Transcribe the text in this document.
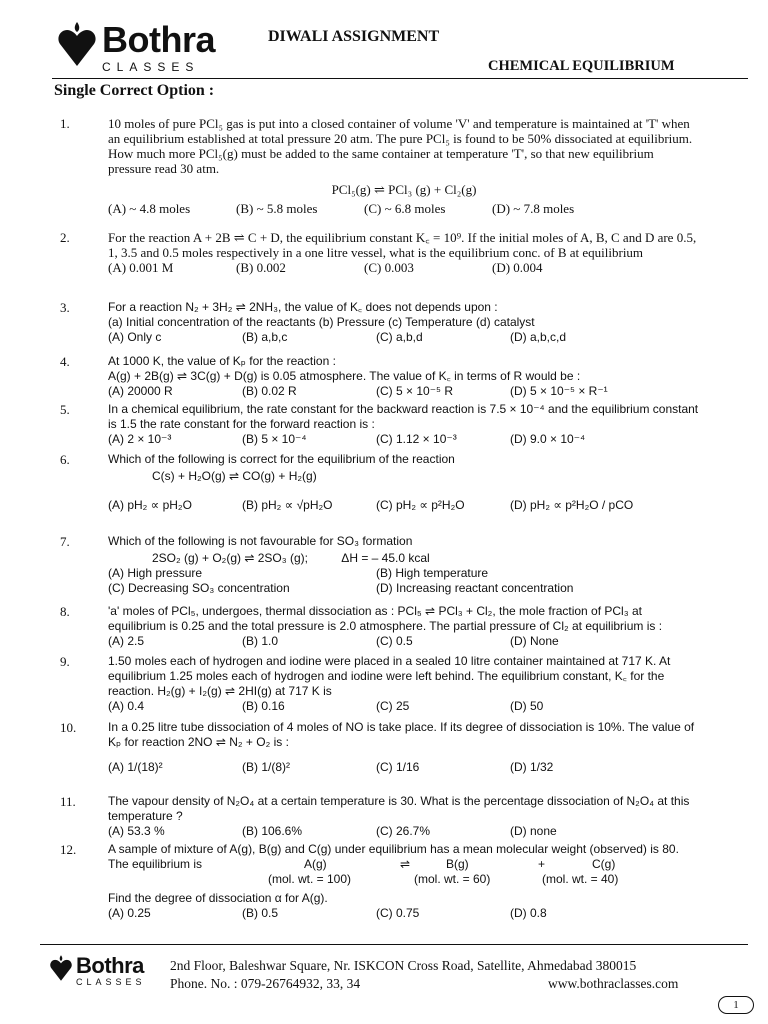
Bothra
CLASSES
DIWALI ASSIGNMENT
CHEMICAL EQUILIBRIUM
Single Correct Option :
1.	10 moles of pure PCl₅ gas is put into a closed container of volume 'V' and temperature is maintained at 'T' when an equilibrium established at total pressure 20 atm. The pure PCl₅ is found to be 50% dissociated at equilibrium. How much more PCl₅(g) must be added to the same container at temperature 'T', so that new equilibrium pressure read 30 atm.
PCl₅(g) ⇌ PCl₃ (g) + Cl₂(g)
(A) ~ 4.8 moles	(B) ~ 5.8 moles	(C) ~ 6.8 moles	(D) ~ 7.8 moles
2.	For the reaction A + 2B ⇌ C + D, the equilibrium constant K꜀ = 10⁹. If the initial moles of A, B, C and D are 0.5, 1, 3.5 and 0.5 moles respectively in a one litre vessel, what is the equilibrium conc. of B at equilibrium
(A) 0.001 M	(B) 0.002	(C) 0.003	(D) 0.004
3.	For a reaction N₂ + 3H₂ ⇌ 2NH₃, the value of K꜀ does not depends upon :
(a) Initial concentration of the reactants (b) Pressure (c) Temperature (d) catalyst
(A) Only c	(B) a,b,c	(C) a,b,d	(D) a,b,c,d
4.	At 1000 K, the value of Kₚ for the reaction :
A(g) + 2B(g) ⇌ 3C(g) + D(g) is 0.05 atmosphere. The value of K꜀ in terms of R would be :
(A) 20000 R	(B) 0.02 R	(C) 5 × 10⁻⁵ R	(D) 5 × 10⁻⁵ × R⁻¹
5.	In a chemical equilibrium, the rate constant for the backward reaction is 7.5 × 10⁻⁴ and the equilibrium constant is 1.5 the rate constant for the forward reaction is :
(A) 2 × 10⁻³	(B) 5 × 10⁻⁴	(C) 1.12 × 10⁻³	(D) 9.0 × 10⁻⁴
6.	Which of the following is correct for the equilibrium of the reaction
C(s) + H₂O(g) ⇌ CO(g) + H₂(g)
(A) pH₂ ∝ pH₂O	(B) pH₂ ∝ √pH₂O	(C) pH₂ ∝ p²H₂O	(D) pH₂ ∝ p²H₂O / pCO
7.	Which of the following is not favourable for SO₃ formation
2SO₂ (g) + O₂(g) ⇌ 2SO₃ (g);          ΔH = – 45.0 kcal
(A) High pressure	(B) High temperature
(C) Decreasing SO₃ concentration	(D) Increasing reactant concentration
8.	'a' moles of PCl₅, undergoes, thermal dissociation as : PCl₅ ⇌ PCl₃ + Cl₂, the mole fraction of PCl₃ at equilibrium is 0.25 and the total pressure is 2.0 atmosphere. The partial pressure of Cl₂ at equilibrium is :
(A) 2.5	(B) 1.0	(C) 0.5	(D) None
9.	1.50 moles each of hydrogen and iodine were placed in a sealed 10 litre container maintained at 717 K. At equilibrium 1.25 moles each of hydrogen and iodine were left behind. The equilibrium constant, K꜀ for the reaction. H₂(g) + I₂(g) ⇌ 2HI(g) at 717 K is
(A) 0.4	(B) 0.16	(C) 25	(D) 50
10.	In a 0.25 litre tube dissociation of 4 moles of NO is take place. If its degree of dissociation is 10%. The value of Kₚ for reaction 2NO ⇌ N₂ + O₂ is :
(A) 1/(18)²	(B) 1/(8)²	(C) 1/16	(D) 1/32
11.	The vapour density of N₂O₄ at a certain temperature is 30. What is the percentage dissociation of N₂O₄ at this temperature ?
(A) 53.3 %	(B) 106.6%	(C) 26.7%	(D) none
12.	A sample of mixture of A(g), B(g) and C(g) under equilibrium has a mean molecular weight (observed) is 80.
The equilibrium is	A(g)	⇌	B(g)	+	C(g)
(mol. wt. = 100)	(mol. wt. = 60)	(mol. wt. = 40)
Find the degree of dissociation α for A(g).
(A) 0.25	(B) 0.5	(C) 0.75	(D) 0.8
Bothra
CLASSES
2nd Floor, Baleshwar Square, Nr. ISKCON Cross Road, Satellite, Ahmedabad 380015
Phone. No. : 079-26764932, 33, 34	www.bothraclasses.com
1
